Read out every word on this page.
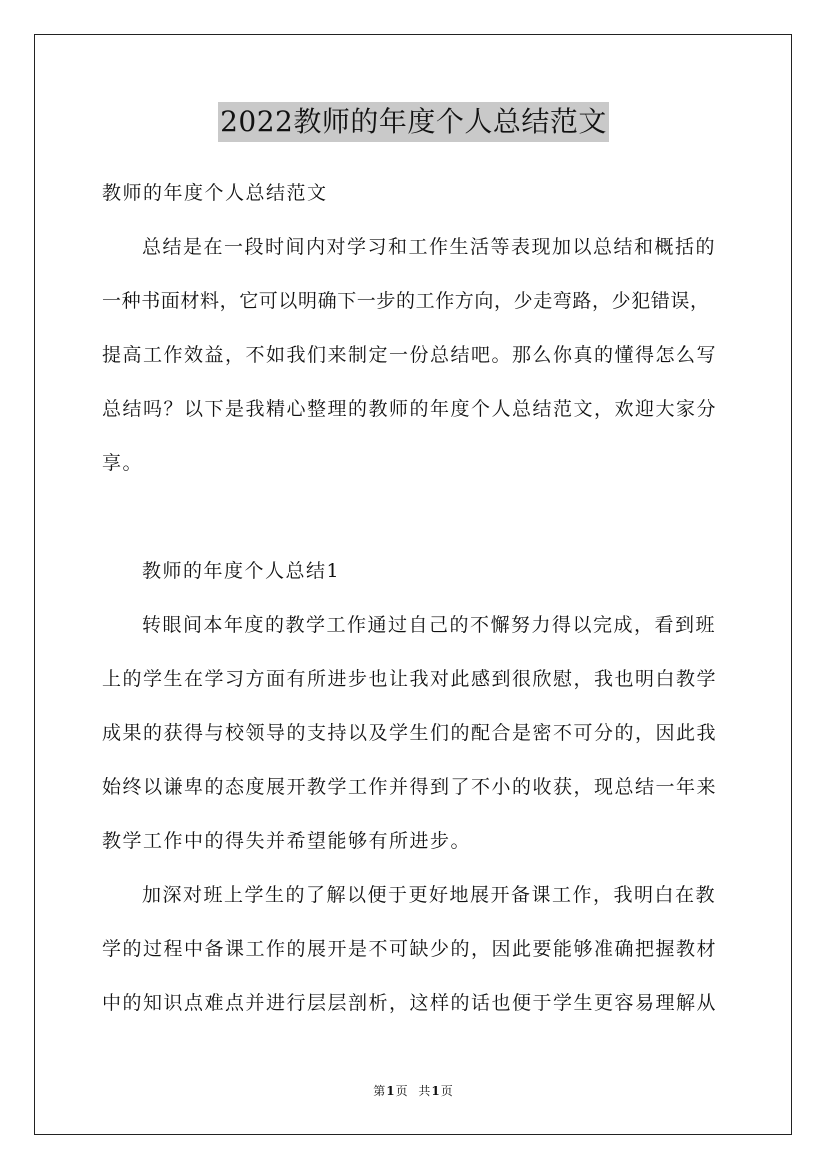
2022教师的年度个人总结范文
教师的年度个人总结范文
总结是在一段时间内对学习和工作生活等表现加以总结和概括的
一种书面材料，它可以明确下一步的工作方向，少走弯路，少犯错误，
提高工作效益，不如我们来制定一份总结吧。那么你真的懂得怎么写
总结吗？以下是我精心整理的教师的年度个人总结范文，欢迎大家分
享。
教师的年度个人总结1
转眼间本年度的教学工作通过自己的不懈努力得以完成，看到班
上的学生在学习方面有所进步也让我对此感到很欣慰，我也明白教学
成果的获得与校领导的支持以及学生们的配合是密不可分的，因此我
始终以谦卑的态度展开教学工作并得到了不小的收获，现总结一年来
教学工作中的得失并希望能够有所进步。
加深对班上学生的了解以便于更好地展开备课工作，我明白在教
学的过程中备课工作的展开是不可缺少的，因此要能够准确把握教材
中的知识点难点并进行层层剖析，这样的话也便于学生更容易理解从
第1页 共1页
